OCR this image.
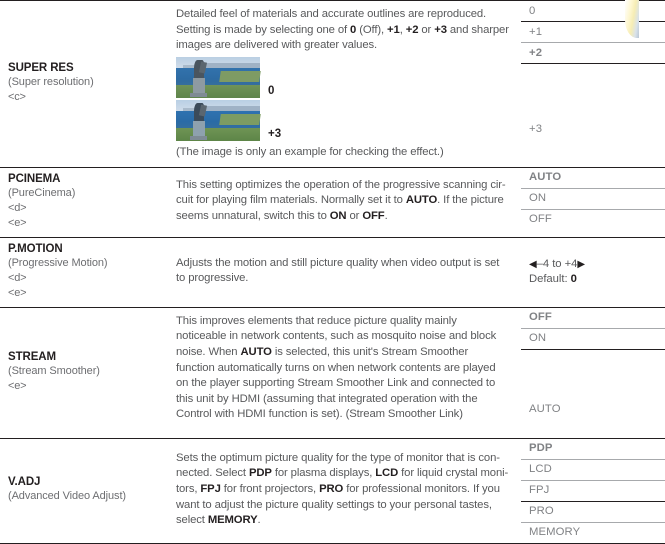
SUPER RES
(Super resolution)
<c>

Detailed feel of materials and accurate outlines are reproduced. Setting is made by selecting one of 0 (Off), +1, +2 or +3 and sharper images are delivered with greater values.
0
+3
(The image is only an example for checking the effect.)

0
+1
+2
+3

PCINEMA
(PureCinema)
<d>
<e>

This setting optimizes the operation of the progressive scanning cir-cuit for playing film materials. Normally set it to AUTO. If the picture seems unnatural, switch this to ON or OFF.

AUTO
ON
OFF

P.MOTION
(Progressive Motion)
<d>
<e>

Adjusts the motion and still picture quality when video output is set to progressive.

◀–4 to +4▶
Default: 0

STREAM
(Stream Smoother)
<e>

This improves elements that reduce picture quality mainly noticeable in network contents, such as mosquito noise and block noise. When AUTO is selected, this unit's Stream Smoother function automatically turns on when network contents are played on the player supporting Stream Smoother Link and connected to this unit by HDMI (assuming that integrated operation with the Control with HDMI function is set). (Stream Smoother Link)

OFF
ON
AUTO

V.ADJ
(Advanced Video Adjust)

Sets the optimum picture quality for the type of monitor that is con-nected. Select PDP for plasma displays, LCD for liquid crystal moni-tors, FPJ for front projectors, PRO for professional monitors. If you want to adjust the picture quality settings to your personal tastes, select MEMORY.

PDP
LCD
FPJ
PRO
MEMORY
